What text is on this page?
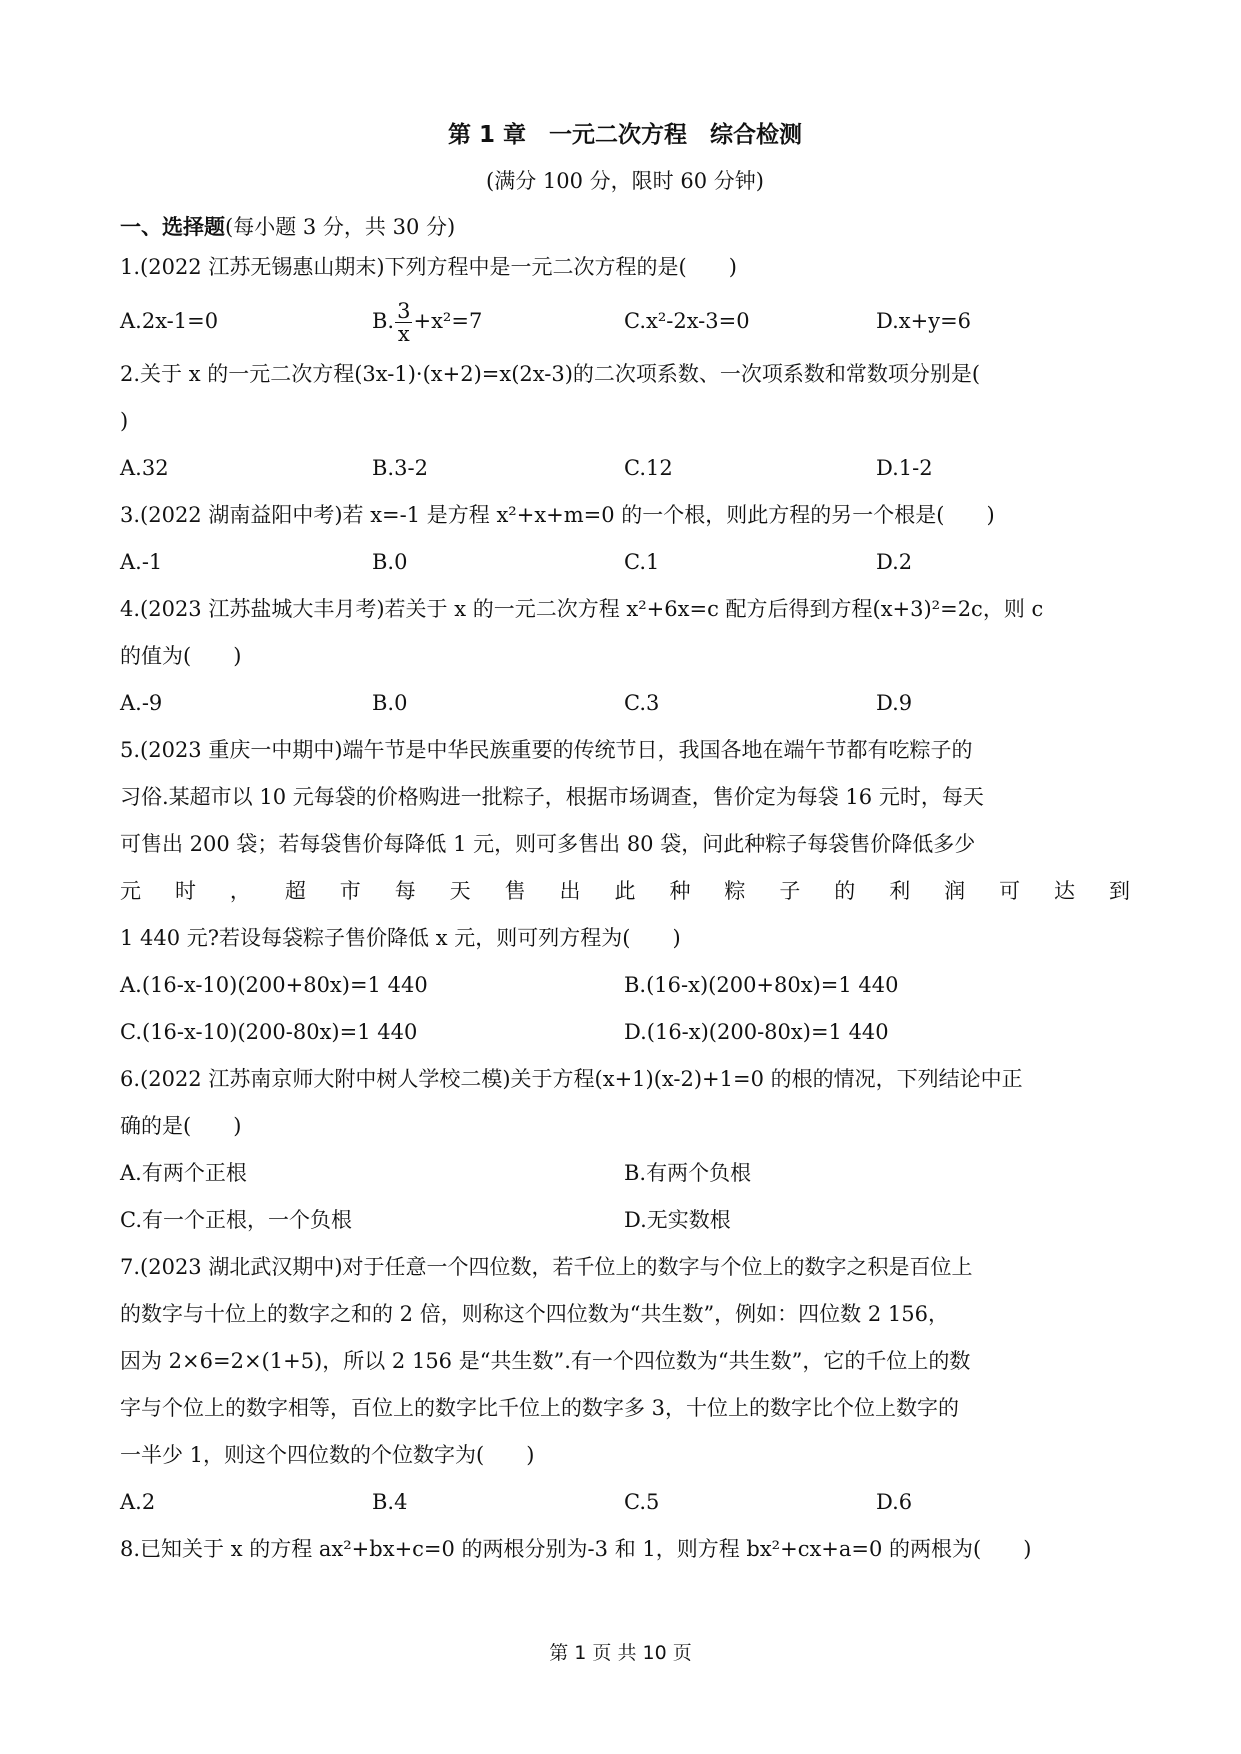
第 1 章　一元二次方程　综合检测
(满分 100 分，限时 60 分钟)
一、选择题(每小题 3 分，共 30 分)
1.(2022 江苏无锡惠山期末)下列方程中是一元二次方程的是(　　)
A.2x-1=0	B. $\frac{3}{x} +x^2=7$	C.x²-2x-3=0	D.x+y=6
2.关于 x 的一元二次方程(3x-1)·(x+2)=x(2x-3)的二次项系数、一次项系数和常数项分别是(
)
A.32	B.3-2	C.12	D.1-2
3.(2022 湖南益阳中考)若 x=-1 是方程 x²+x+m=0 的一个根，则此方程的另一个根是(　　)
A.-1	B.0	C.1	D.2
4.(2023 江苏盐城大丰月考)若关于 x 的一元二次方程 x²+6x=c 配方后得到方程(x+3)²=2c，则 c
的值为(　　)
A.-9	B.0	C.3	D.9
5.(2023 重庆一中期中)端午节是中华民族重要的传统节日，我国各地在端午节都有吃粽子的
习俗.某超市以 10 元每袋的价格购进一批粽子，根据市场调查，售价定为每袋 16 元时，每天
可售出 200 袋；若每袋售价每降低 1 元，则可多售出 80 袋，问此种粽子每袋售价降低多少
元时，超市每天售出此种粽子的利润可达到
1 440 元?若设每袋粽子售价降低 x 元，则可列方程为(　　)
A.(16-x-10)(200+80x)=1 440	B.(16-x)(200+80x)=1 440
C.(16-x-10)(200-80x)=1 440	D.(16-x)(200-80x)=1 440
6.(2022 江苏南京师大附中树人学校二模)关于方程(x+1)(x-2)+1=0 的根的情况，下列结论中正
确的是(　　)
A.有两个正根	B.有两个负根
C.有一个正根，一个负根	D.无实数根
7.(2023 湖北武汉期中)对于任意一个四位数，若千位上的数字与个位上的数字之积是百位上
的数字与十位上的数字之和的 2 倍，则称这个四位数为“共生数”，例如：四位数 2 156，
因为 2×6=2×(1+5)，所以 2 156 是“共生数”.有一个四位数为“共生数”，它的千位上的数
字与个位上的数字相等，百位上的数字比千位上的数字多 3，十位上的数字比个位上数字的
一半少 1，则这个四位数的个位数字为(　　)
A.2	B.4	C.5	D.6
8.已知关于 x 的方程 ax²+bx+c=0 的两根分别为-3 和 1，则方程 bx²+cx+a=0 的两根为(　　)
第 1 页 共 10 页
